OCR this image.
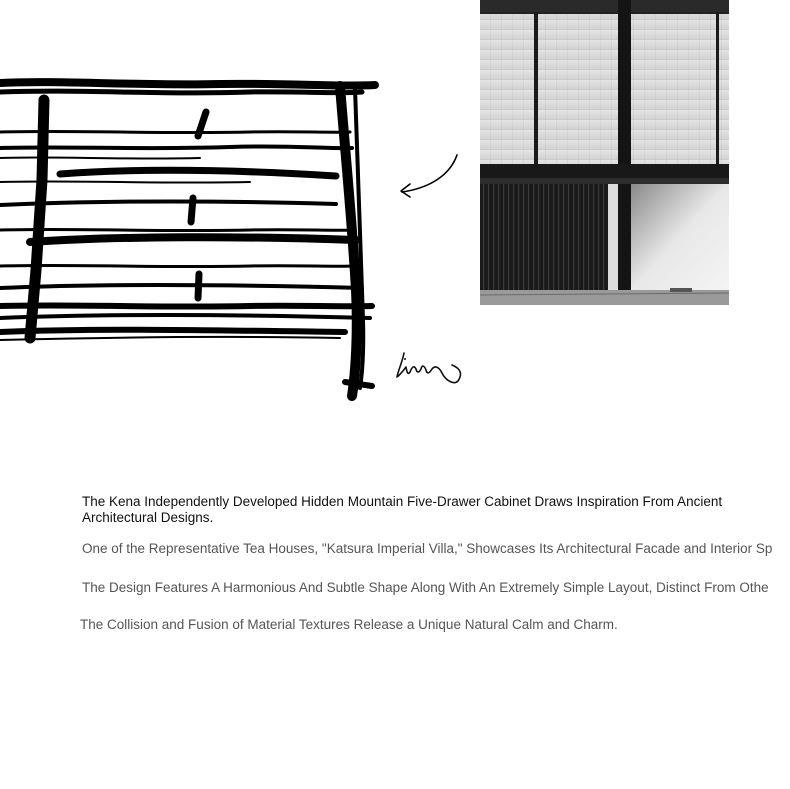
The Kena Independently Developed Hidden Mountain Five-Drawer Cabinet Draws Inspiration From Ancient Architectural Designs.

One of the Representative Tea Houses, "Katsura Imperial Villa," Showcases Its Architectural Facade and Interior Sp

The Design Features A Harmonious And Subtle Shape Along With An Extremely Simple Layout, Distinct From Othe

The Collision and Fusion of Material Textures Release a Unique Natural Calm and Charm.
